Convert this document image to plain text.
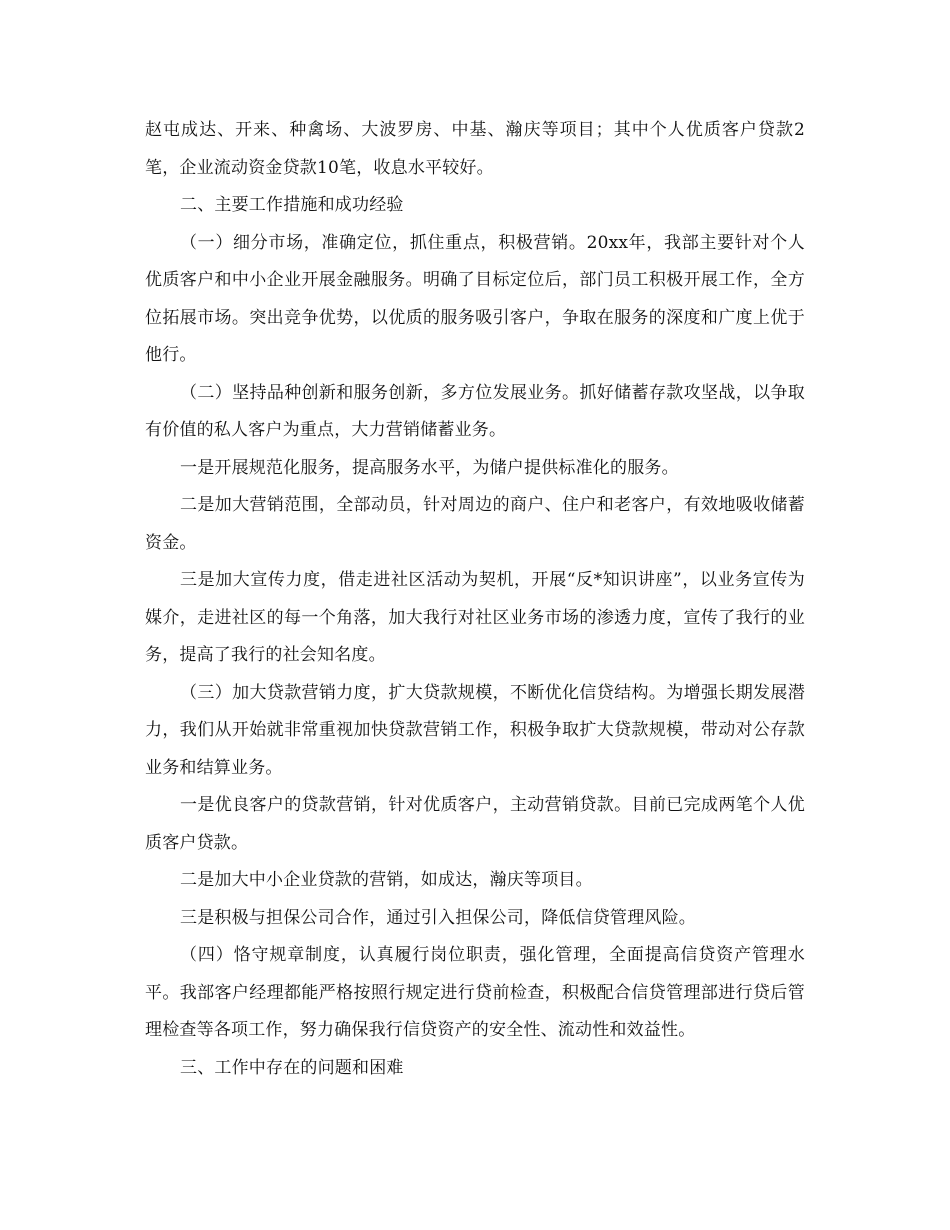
赵屯成达、开来、种禽场、大波罗房、中基、瀚庆等项目；其中个人优质客户贷款2笔，企业流动资金贷款10笔，收息水平较好。

二、主要工作措施和成功经验

（一）细分市场，准确定位，抓住重点，积极营销。20xx年，我部主要针对个人优质客户和中小企业开展金融服务。明确了目标定位后，部门员工积极开展工作，全方位拓展市场。突出竞争优势，以优质的服务吸引客户，争取在服务的深度和广度上优于他行。

（二）坚持品种创新和服务创新，多方位发展业务。抓好储蓄存款攻坚战，以争取有价值的私人客户为重点，大力营销储蓄业务。

一是开展规范化服务，提高服务水平，为储户提供标准化的服务。

二是加大营销范围，全部动员，针对周边的商户、住户和老客户，有效地吸收储蓄资金。

三是加大宣传力度，借走进社区活动为契机，开展“反*知识讲座”，以业务宣传为媒介，走进社区的每一个角落，加大我行对社区业务市场的渗透力度，宣传了我行的业务，提高了我行的社会知名度。

（三）加大贷款营销力度，扩大贷款规模，不断优化信贷结构。为增强长期发展潜力，我们从开始就非常重视加快贷款营销工作，积极争取扩大贷款规模，带动对公存款业务和结算业务。

一是优良客户的贷款营销，针对优质客户，主动营销贷款。目前已完成两笔个人优质客户贷款。

二是加大中小企业贷款的营销，如成达，瀚庆等项目。

三是积极与担保公司合作，通过引入担保公司，降低信贷管理风险。

（四）恪守规章制度，认真履行岗位职责，强化管理，全面提高信贷资产管理水平。我部客户经理都能严格按照行规定进行贷前检查，积极配合信贷管理部进行贷后管理检查等各项工作，努力确保我行信贷资产的安全性、流动性和效益性。

三、工作中存在的问题和困难
